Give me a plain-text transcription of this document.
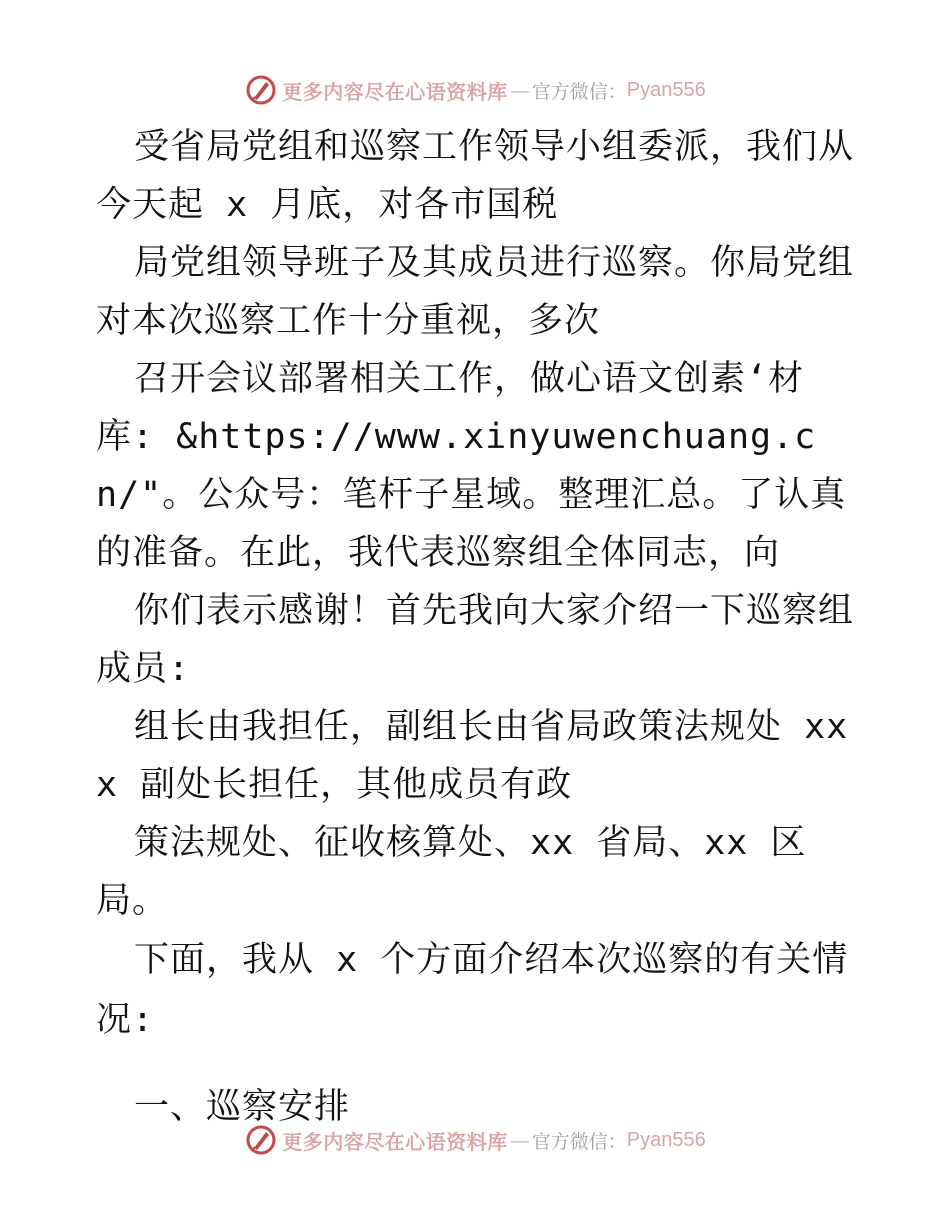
更多内容尽在心语资料库 — 官方微信： Pyan556

受省局党组和巡察工作领导小组委派，我们从今天起 x 月底，对各市国税

局党组领导班子及其成员进行巡察。你局党组对本次巡察工作十分重视，多次

召开会议部署相关工作，做心语文创素‘材库: &https://www.xinyuwenchuang.cn/"。公众号：笔杆子星域。整理汇总。了认真的准备。在此，我代表巡察组全体同志，向

你们表示感谢！首先我向大家介绍一下巡察组成员:

组长由我担任，副组长由省局政策法规处 xxx 副处长担任，其他成员有政

策法规处、征收核算处、xx 省局、xx 区局。

下面，我从 x 个方面介绍本次巡察的有关情况:

一、巡察安排

更多内容尽在心语资料库 — 官方微信： Pyan556
